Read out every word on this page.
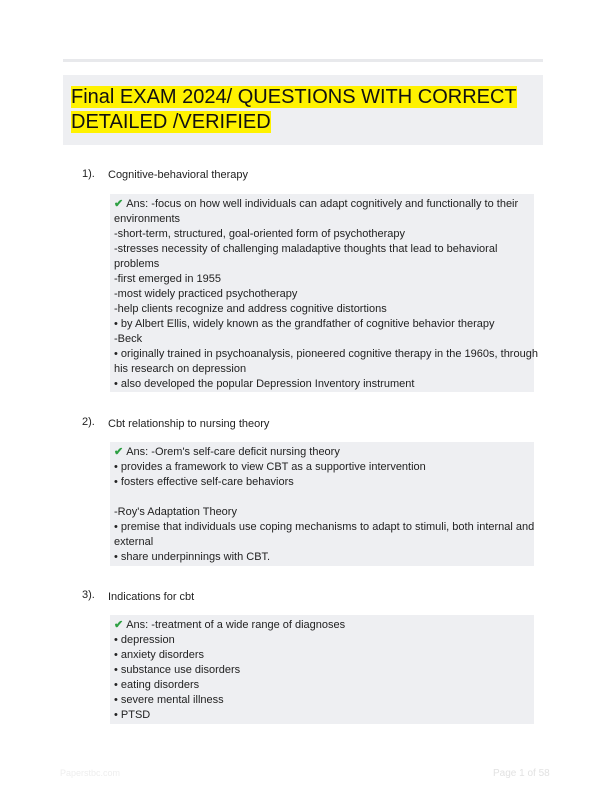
Final EXAM 2024/ QUESTIONS WITH CORRECT DETAILED /VERIFIED
1). Cognitive-behavioral therapy
✔ Ans: -focus on how well individuals can adapt cognitively and functionally to their
environments
-short-term, structured, goal-oriented form of psychotherapy
-stresses necessity of challenging maladaptive thoughts that lead to behavioral
problems
-first emerged in 1955
-most widely practiced psychotherapy
-help clients recognize and address cognitive distortions
• by Albert Ellis, widely known as the grandfather of cognitive behavior therapy
-Beck
• originally trained in psychoanalysis, pioneered cognitive therapy in the 1960s, through
his research on depression
• also developed the popular Depression Inventory instrument
2). Cbt relationship to nursing theory
✔ Ans: -Orem's self-care deficit nursing theory
• provides a framework to view CBT as a supportive intervention
• fosters effective self-care behaviors
-Roy's Adaptation Theory
• premise that individuals use coping mechanisms to adapt to stimuli, both internal and
external
• share underpinnings with CBT.
3). Indications for cbt
✔ Ans: -treatment of a wide range of diagnoses
• depression
• anxiety disorders
• substance use disorders
• eating disorders
• severe mental illness
• PTSD
Paperstbc.com	Page 1 of 58
